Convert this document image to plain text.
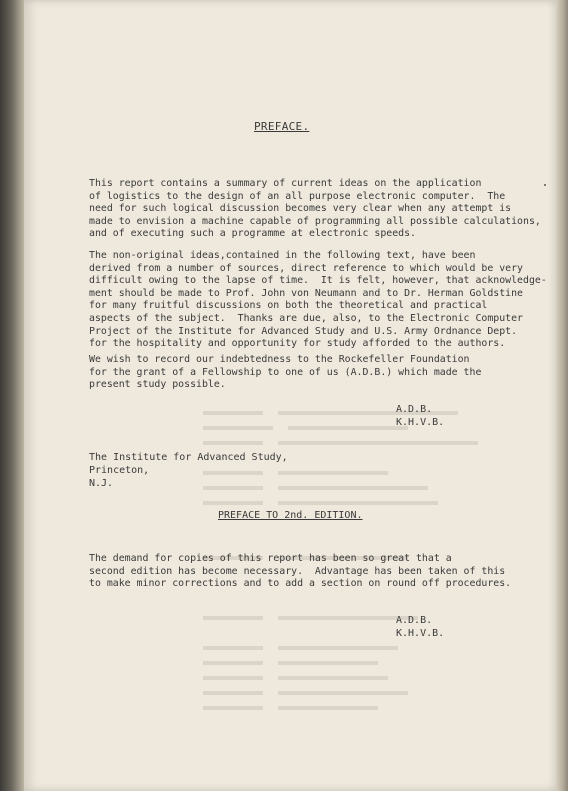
PREFACE.
This report contains a summary of current ideas on the application
of logistics to the design of an all purpose electronic computer.  The
need for such logical discussion becomes very clear when any attempt is
made to envision a machine capable of programming all possible calculations,
and of executing such a programme at electronic speeds.
The non-original ideas,contained in the following text, have been
derived from a number of sources, direct reference to which would be very
difficult owing to the lapse of time.  It is felt, however, that acknowledge-
ment should be made to Prof. John von Neumann and to Dr. Herman Goldstine
for many fruitful discussions on both the theoretical and practical
aspects of the subject.  Thanks are due, also, to the Electronic Computer
Project of the Institute for Advanced Study and U.S. Army Ordnance Dept.
for the hospitality and opportunity for study afforded to the authors.
We wish to record our indebtedness to the Rockefeller Foundation
for the grant of a Fellowship to one of us (A.D.B.) which made the
present study possible.
A.D.B.
K.H.V.B.
The Institute for Advanced Study,
Princeton,
N.J.
PREFACE TO 2nd. EDITION.
The demand for copies of this report has been so great that a
second edition has become necessary.  Advantage has been taken of this
to make minor corrections and to add a section on round off procedures.
A.D.B.
K.H.V.B.
